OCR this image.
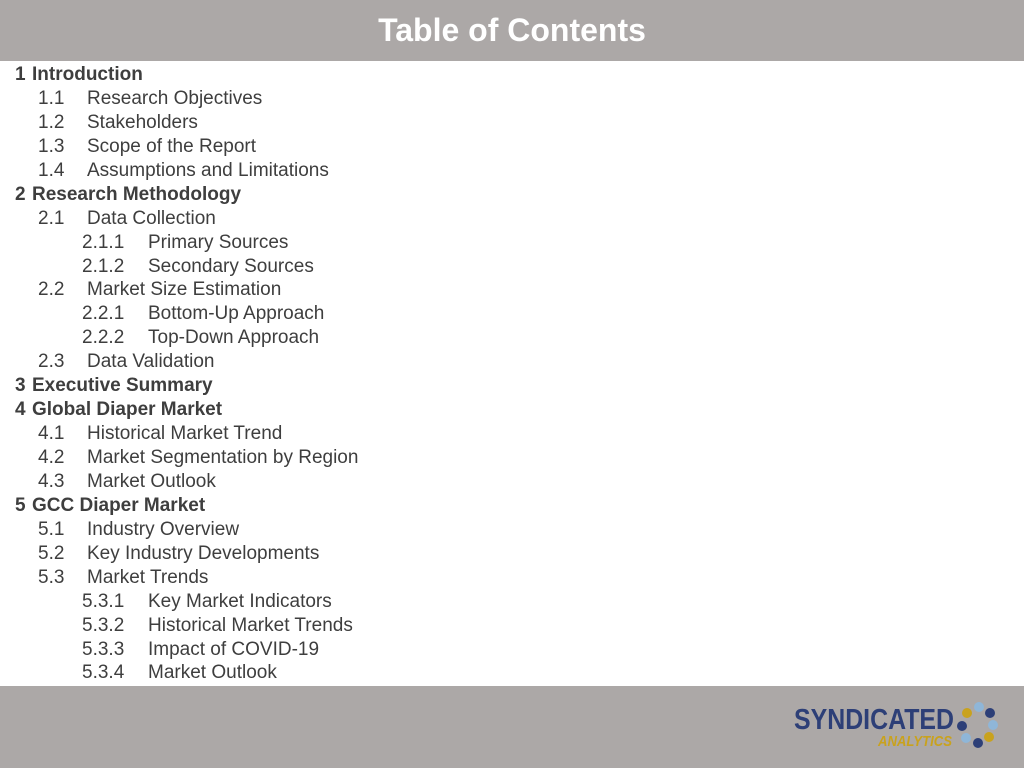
Table of Contents
1 Introduction
1.1 Research Objectives
1.2 Stakeholders
1.3 Scope of the Report
1.4 Assumptions and Limitations
2 Research Methodology
2.1 Data Collection
2.1.1 Primary Sources
2.1.2 Secondary Sources
2.2 Market Size Estimation
2.2.1 Bottom-Up Approach
2.2.2 Top-Down Approach
2.3 Data Validation
3 Executive Summary
4 Global Diaper Market
4.1 Historical Market Trend
4.2 Market Segmentation by Region
4.3 Market Outlook
5 GCC Diaper Market
5.1 Industry Overview
5.2 Key Industry Developments
5.3 Market Trends
5.3.1 Key Market Indicators
5.3.2 Historical Market Trends
5.3.3 Impact of COVID-19
5.3.4 Market Outlook
SYNDICATED
ANALYTICS
